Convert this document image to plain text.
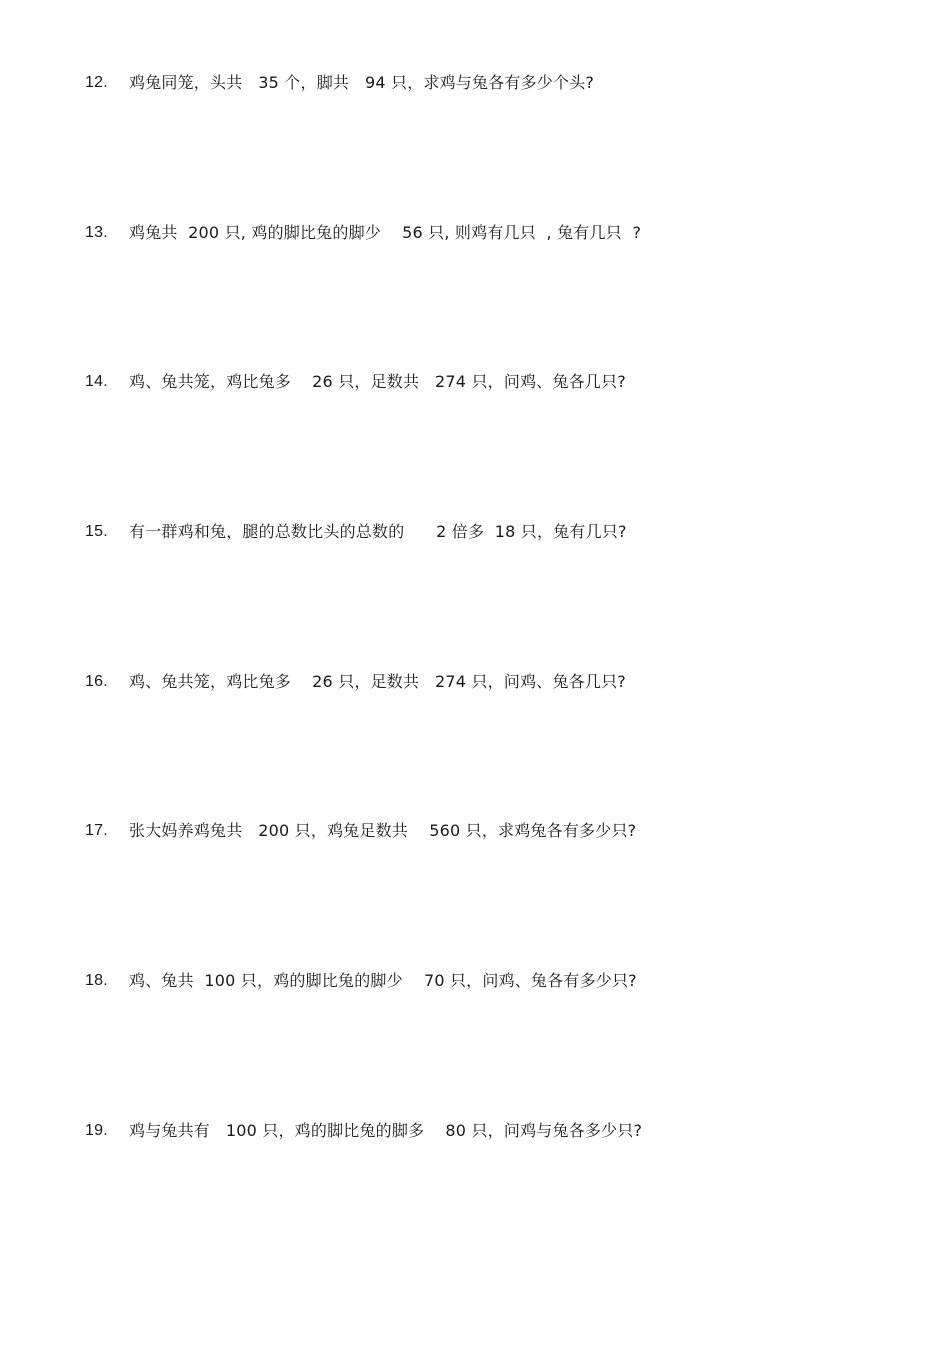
12.	鸡兔同笼，头共   35 个，脚共   94 只，求鸡与兔各有多少个头?
13.	鸡兔共  200 只, 鸡的脚比兔的脚少    56 只, 则鸡有几只  , 兔有几只  ?
14.	鸡、兔共笼，鸡比兔多    26 只，足数共   274 只，问鸡、兔各几只?
15.	有一群鸡和兔，腿的总数比头的总数的      2 倍多  18 只，兔有几只?
16.	鸡、兔共笼，鸡比兔多    26 只，足数共   274 只，问鸡、兔各几只?
17.	张大妈养鸡兔共   200 只，鸡兔足数共    560 只，求鸡兔各有多少只?
18.	鸡、兔共  100 只，鸡的脚比兔的脚少    70 只，问鸡、兔各有多少只?
19.	鸡与兔共有   100 只，鸡的脚比兔的脚多    80 只，问鸡与兔各多少只?
